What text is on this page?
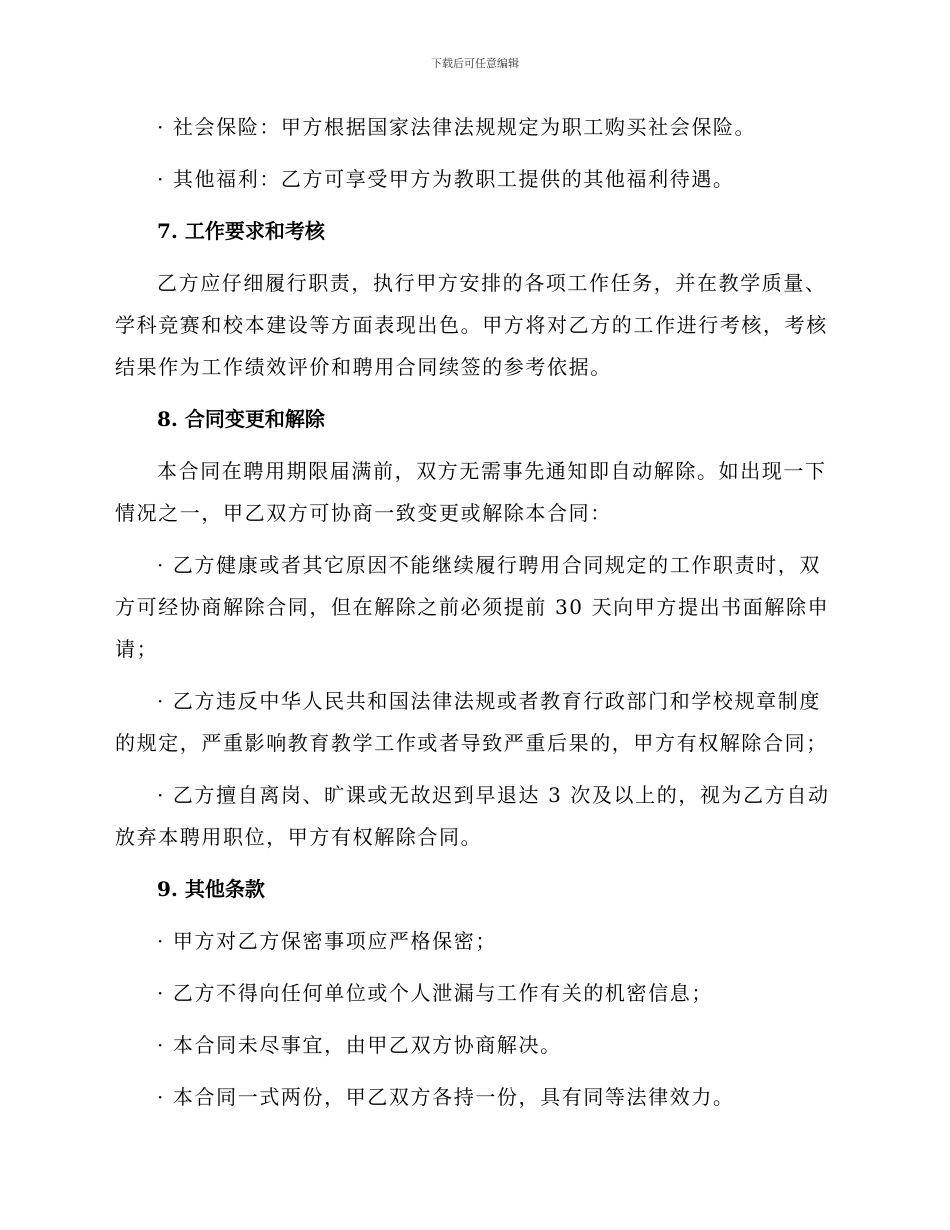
下载后可任意编辑
· 社会保险：甲方根据国家法律法规规定为职工购买社会保险。
· 其他福利：乙方可享受甲方为教职工提供的其他福利待遇。
7. 工作要求和考核
乙方应仔细履行职责，执行甲方安排的各项工作任务，并在教学质量、
学科竞赛和校本建设等方面表现出色。甲方将对乙方的工作进行考核，考核
结果作为工作绩效评价和聘用合同续签的参考依据。
8. 合同变更和解除
本合同在聘用期限届满前，双方无需事先通知即自动解除。如出现一下
情况之一，甲乙双方可协商一致变更或解除本合同：
· 乙方健康或者其它原因不能继续履行聘用合同规定的工作职责时，双
方可经协商解除合同，但在解除之前必须提前 30 天向甲方提出书面解除申
请；
· 乙方违反中华人民共和国法律法规或者教育行政部门和学校规章制度
的规定，严重影响教育教学工作或者导致严重后果的，甲方有权解除合同；
· 乙方擅自离岗、旷课或无故迟到早退达 3 次及以上的，视为乙方自动
放弃本聘用职位，甲方有权解除合同。
9. 其他条款
· 甲方对乙方保密事项应严格保密；
· 乙方不得向任何单位或个人泄漏与工作有关的机密信息；
· 本合同未尽事宜，由甲乙双方协商解决。
· 本合同一式两份，甲乙双方各持一份，具有同等法律效力。
